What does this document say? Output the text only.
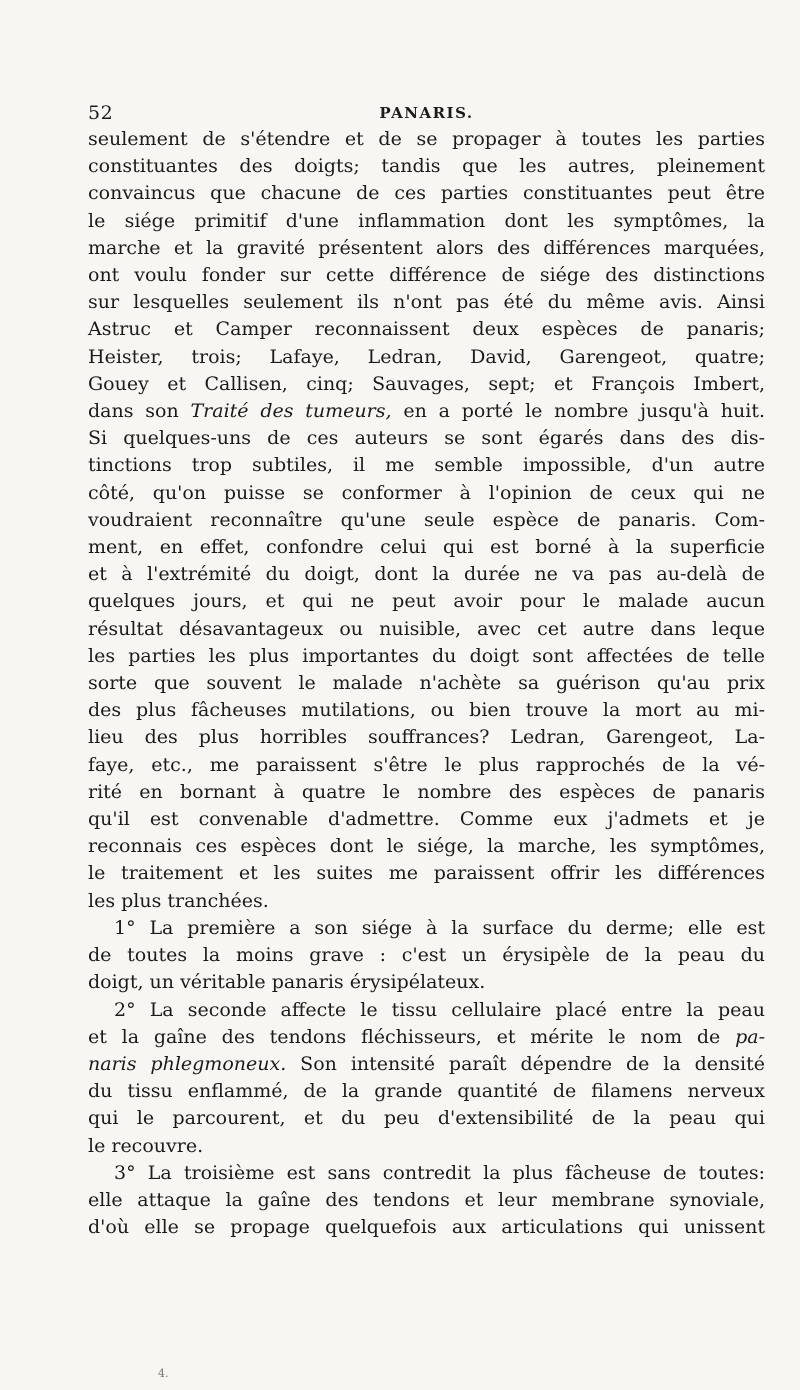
52	PANARIS.
seulement de s'étendre et de se propager à toutes les parties
constituantes des doigts; tandis que les autres, pleinement
convaincus que chacune de ces parties constituantes peut être
le siége primitif d'une inflammation dont les symptômes, la
marche et la gravité présentent alors des différences marquées,
ont voulu fonder sur cette différence de siége des distinctions
sur lesquelles seulement ils n'ont pas été du même avis. Ainsi
Astruc et Camper reconnaissent deux espèces de panaris;
Heister, trois; Lafaye, Ledran, David, Garengeot, quatre;
Gouey et Callisen, cinq; Sauvages, sept; et François Imbert,
dans son Traité des tumeurs, en a porté le nombre jusqu'à huit.
Si quelques-uns de ces auteurs se sont égarés dans des dis-
tinctions trop subtiles, il me semble impossible, d'un autre
côté, qu'on puisse se conformer à l'opinion de ceux qui ne
voudraient reconnaître qu'une seule espèce de panaris. Com-
ment, en effet, confondre celui qui est borné à la superficie
et à l'extrémité du doigt, dont la durée ne va pas au-delà de
quelques jours, et qui ne peut avoir pour le malade aucun
résultat désavantageux ou nuisible, avec cet autre dans leque
les parties les plus importantes du doigt sont affectées de telle
sorte que souvent le malade n'achète sa guérison qu'au prix
des plus fâcheuses mutilations, ou bien trouve la mort au mi-
lieu des plus horribles souffrances? Ledran, Garengeot, La-
faye, etc., me paraissent s'être le plus rapprochés de la vé-
rité en bornant à quatre le nombre des espèces de panaris
qu'il est convenable d'admettre. Comme eux j'admets et je
reconnais ces espèces dont le siége, la marche, les symptômes,
le traitement et les suites me paraissent offrir les différences
les plus tranchées.
1° La première a son siége à la surface du derme; elle est
de toutes la moins grave : c'est un érysipèle de la peau du
doigt, un véritable panaris érysipélateux.
2° La seconde affecte le tissu cellulaire placé entre la peau
et la gaîne des tendons fléchisseurs, et mérite le nom de pa-
naris phlegmoneux. Son intensité paraît dépendre de la densité
du tissu enflammé, de la grande quantité de filamens nerveux
qui le parcourent, et du peu d'extensibilité de la peau qui
le recouvre.
3° La troisième est sans contredit la plus fâcheuse de toutes:
elle attaque la gaîne des tendons et leur membrane synoviale,
d'où elle se propage quelquefois aux articulations qui unissent
4.
